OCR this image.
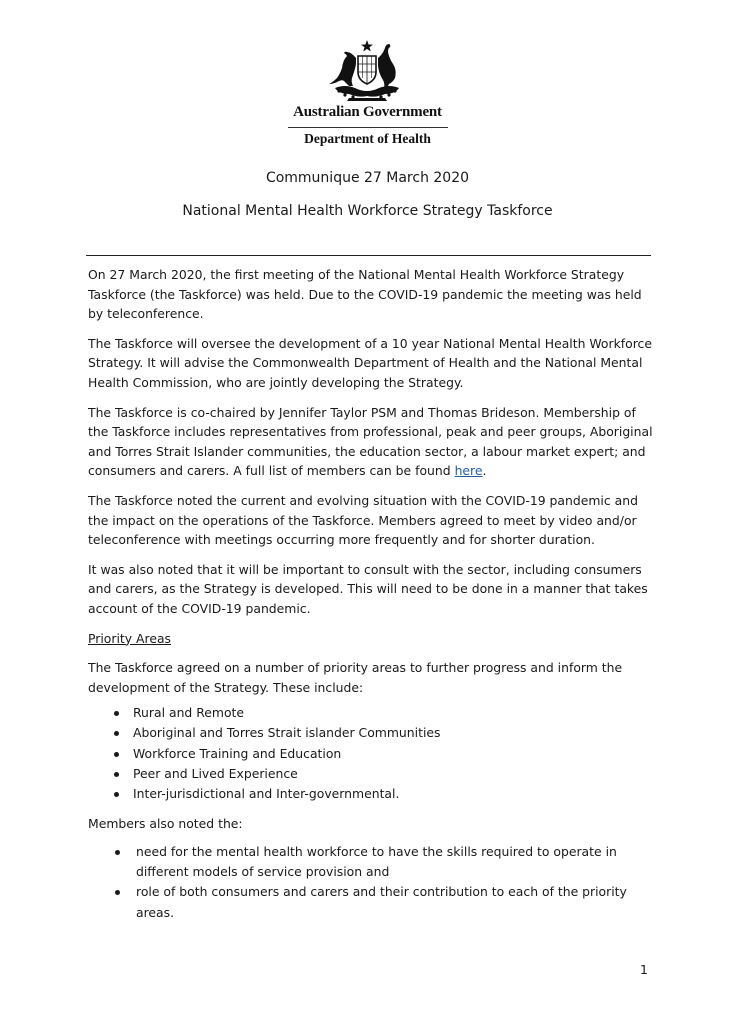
Australian Government
Department of Health
Communique 27 March 2020
National Mental Health Workforce Strategy Taskforce

On 27 March 2020, the first meeting of the National Mental Health Workforce Strategy Taskforce (the Taskforce) was held. Due to the COVID-19 pandemic the meeting was held by teleconference.

The Taskforce will oversee the development of a 10 year National Mental Health Workforce Strategy. It will advise the Commonwealth Department of Health and the National Mental Health Commission, who are jointly developing the Strategy.

The Taskforce is co-chaired by Jennifer Taylor PSM and Thomas Brideson. Membership of the Taskforce includes representatives from professional, peak and peer groups, Aboriginal and Torres Strait Islander communities, the education sector, a labour market expert; and consumers and carers. A full list of members can be found here.

The Taskforce noted the current and evolving situation with the COVID-19 pandemic and the impact on the operations of the Taskforce. Members agreed to meet by video and/or teleconference with meetings occurring more frequently and for shorter duration.

It was also noted that it will be important to consult with the sector, including consumers and carers, as the Strategy is developed. This will need to be done in a manner that takes account of the COVID-19 pandemic.

Priority Areas

The Taskforce agreed on a number of priority areas to further progress and inform the development of the Strategy. These include:

Rural and Remote
Aboriginal and Torres Strait islander Communities
Workforce Training and Education
Peer and Lived Experience
Inter-jurisdictional and Inter-governmental.

Members also noted the:

need for the mental health workforce to have the skills required to operate in different models of service provision and
role of both consumers and carers and their contribution to each of the priority areas.
1
